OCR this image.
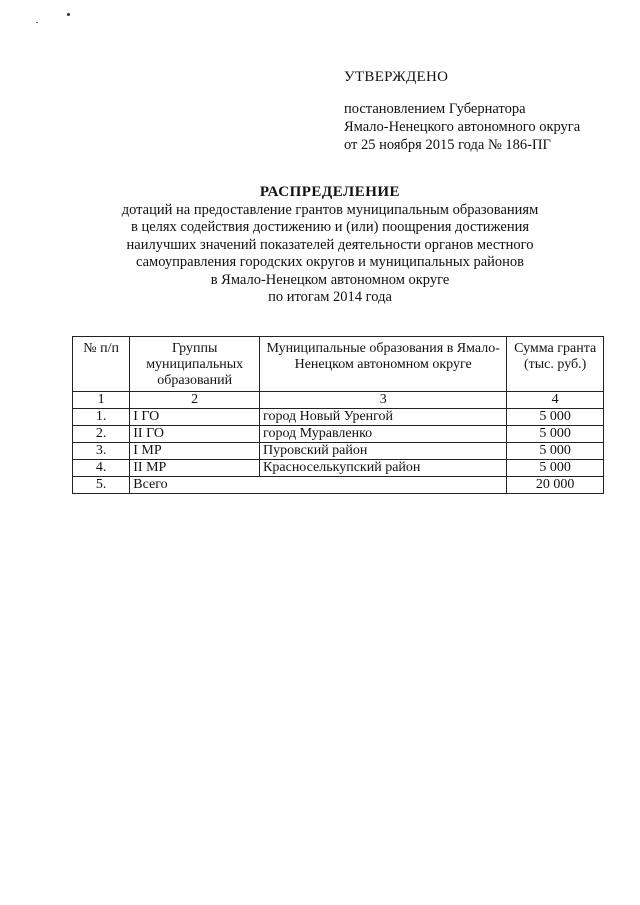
УТВЕРЖДЕНО
постановлением Губернатора
Ямало-Ненецкого автономного округа
от 25 ноября 2015 года № 186-ПГ
РАСПРЕДЕЛЕНИЕ
дотаций на предоставление грантов муниципальным образованиям
в целях содействия достижению и (или) поощрения достижения
наилучших значений показателей деятельности органов местного
самоуправления городских округов и муниципальных районов
в Ямало-Ненецком автономном округе
по итогам 2014 года
№ п/п	Группы муниципальных образований	Муниципальные образования в Ямало-Ненецком автономном округе	Сумма гранта (тыс. руб.)
1	2	3	4
1.	I ГО	город Новый Уренгой	5 000
2.	II ГО	город Муравленко	5 000
3.	I МР	Пуровский район	5 000
4.	II МР	Красноселькупский район	5 000
5.	Всего		20 000
